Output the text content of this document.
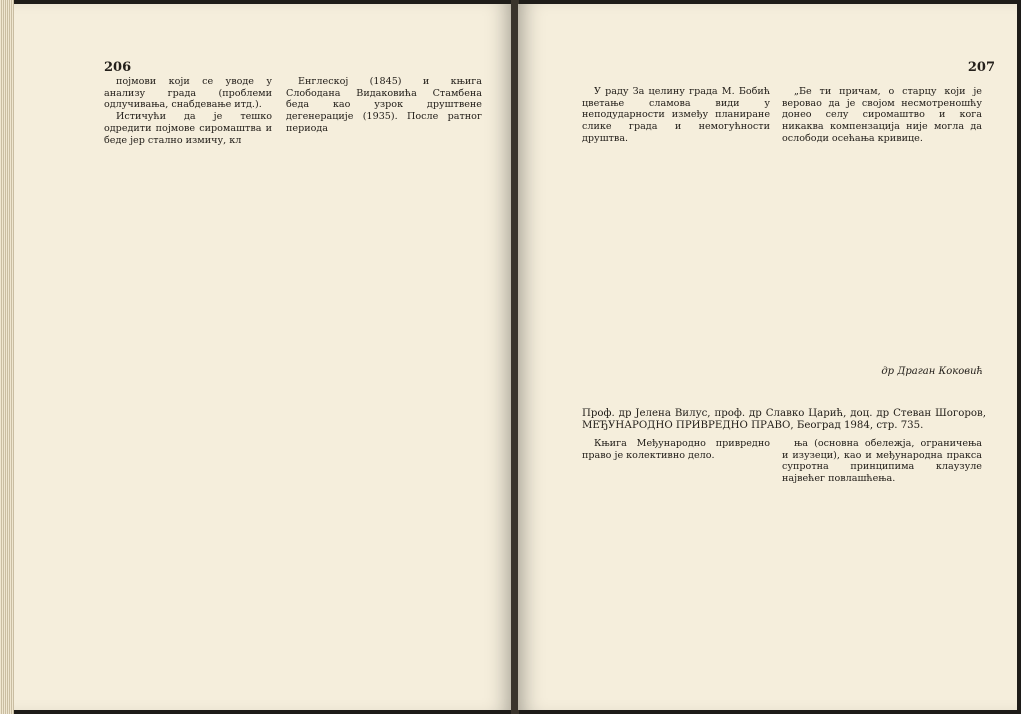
206

појмови који се уводе у анализу града (проблеми одлучивања, снабдевање итд.).

Истичући да је тешко одредити појмове сиромаштва и беде јер стално измичу, кл

Енглеској (1845) и књига Слободана Видаковића Стамбена беда као узрок друштвене дегенерације (1935). После ратног периода

207

У раду За целину града М. Бобић цветање сламова види у неподударности између планиране слике града и немогућности друштва.

„Бе ти причам, о старцу који је веровао да је својом несмотреношћу донео селу сиромаштво и кога никаква компензација није могла да ослободи осећања кривице.

др Драган Коковић
Проф. др Јелена Вилус, проф. др Славко Царић, доц. др Стеван Шогоров, МЕЂУНАРОДНО ПРИВРЕДНО ПРАВО, Београд 1984, стр. 735.

Књига Међународно привредно право је колективно дело.

ња (основна обележја, ограничења и изузеци), као и међународна пракса супротна принципима клаузуле највећег повлашћења.
